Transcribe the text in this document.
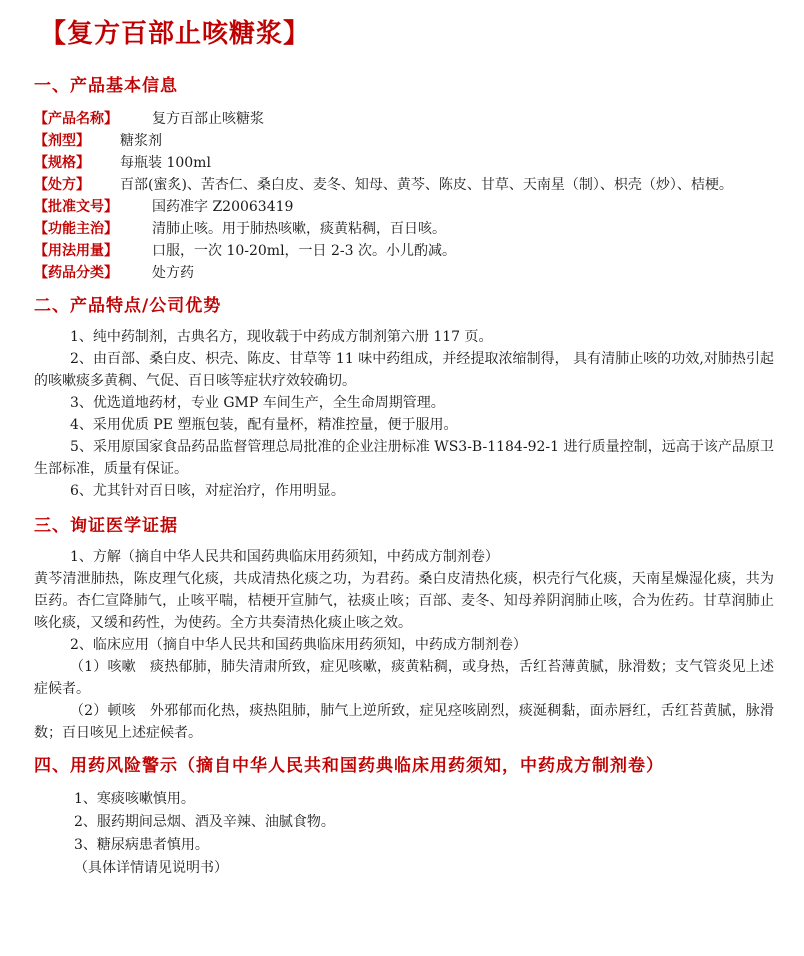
【复方百部止咳糖浆】
一、产品基本信息
【产品名称】	复方百部止咳糖浆
【剂型】	糖浆剂
【规格】	每瓶装 100ml
【处方】	百部(蜜炙)、苦杏仁、桑白皮、麦冬、知母、黄芩、陈皮、甘草、天南星（制）、枳壳（炒）、桔梗。
【批准文号】	国药准字 Z20063419
【功能主治】	清肺止咳。用于肺热咳嗽，痰黄粘稠，百日咳。
【用法用量】	口服，一次 10-20ml，一日 2-3 次。小儿酌减。
【药品分类】	处方药
二、产品特点/公司优势

1、纯中药制剂，古典名方，现收载于中药成方制剂第六册 117 页。

2、由百部、桑白皮、枳壳、陈皮、甘草等 11 味中药组成，并经提取浓缩制得， 具有清肺止咳的功效,对肺热引起的咳嗽痰多黄稠、气促、百日咳等症状疗效较确切。

3、优选道地药材，专业 GMP 车间生产，全生命周期管理。

4、采用优质 PE 塑瓶包装，配有量杯，精准控量，便于服用。

5、采用原国家食品药品监督管理总局批准的企业注册标准 WS3-B-1184-92-1 进行质量控制，远高于该产品原卫生部标准，质量有保证。

6、尤其针对百日咳，对症治疗，作用明显。

三、询证医学证据

1、方解（摘自中华人民共和国药典临床用药须知，中药成方制剂卷）

黄芩清泄肺热，陈皮理气化痰，共成清热化痰之功，为君药。桑白皮清热化痰，枳壳行气化痰，天南星燥湿化痰，共为臣药。杏仁宣降肺气，止咳平喘，桔梗开宣肺气，祛痰止咳；百部、麦冬、知母养阴润肺止咳，合为佐药。甘草润肺止咳化痰，又缓和药性，为使药。全方共奏清热化痰止咳之效。

2、临床应用（摘自中华人民共和国药典临床用药须知，中药成方制剂卷）

（1）咳嗽　痰热郁肺，肺失清肃所致，症见咳嗽，痰黄粘稠，或身热，舌红苔薄黄腻，脉滑数；支气管炎见上述症候者。

（2）顿咳　外邪郁而化热，痰热阻肺，肺气上逆所致，症见痉咳剧烈，痰涎稠黏，面赤唇红，舌红苔黄腻，脉滑数；百日咳见上述症候者。

四、用药风险警示（摘自中华人民共和国药典临床用药须知，中药成方制剂卷）
1、寒痰咳嗽慎用。
2、服药期间忌烟、酒及辛辣、油腻食物。
3、糖尿病患者慎用。
（具体详情请见说明书）
